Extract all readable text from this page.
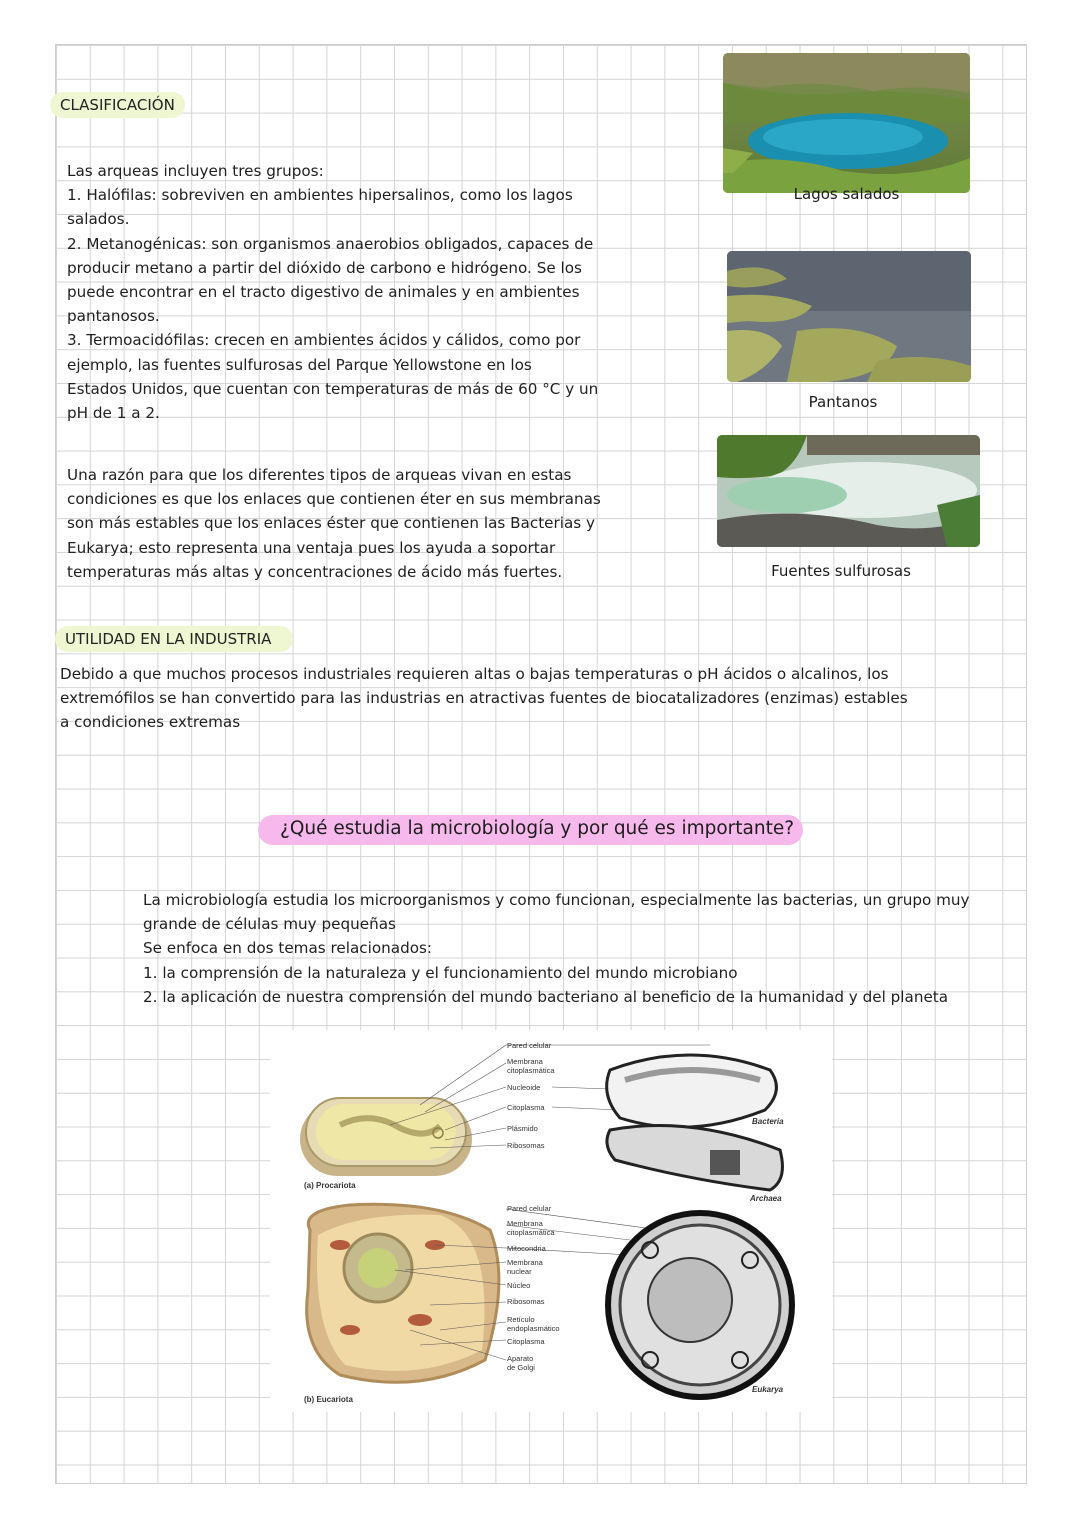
CLASIFICACIÓN

Las arqueas incluyen tres grupos:

1. Halófilas: sobreviven en ambientes hipersalinos, como los lagos

salados.

2. Metanogénicas: son organismos anaerobios obligados, capaces de

producir metano a partir del dióxido de carbono e hidrógeno. Se los

puede encontrar en el tracto digestivo de animales y en ambientes

pantanosos.

3. Termoacidófilas: crecen en ambientes ácidos y cálidos, como por

ejemplo, las fuentes sulfurosas del Parque Yellowstone en los

Estados Unidos, que cuentan con temperaturas de más de 60 °C y un

pH de 1 a 2.

Una razón para que los diferentes tipos de arqueas vivan en estas

condiciones es que los enlaces que contienen éter en sus membranas

son más estables que los enlaces éster que contienen las Bacterias y

Eukarya; esto representa una ventaja pues los ayuda a soportar

temperaturas más altas y concentraciones de ácido más fuertes.

Lagos salados
Pantanos
Fuentes sulfurosas
UTILIDAD EN LA INDUSTRIA

Debido a que muchos procesos industriales requieren altas o bajas temperaturas o pH ácidos o alcalinos, los

extremófilos se han convertido para las industrias en atractivas fuentes de biocatalizadores (enzimas) estables

a condiciones extremas

¿Qué estudia la microbiología y por qué es importante?

La microbiología estudia los microorganismos y como funcionan, especialmente las bacterias, un grupo muy

grande de células muy pequeñas

Se enfoca en dos temas relacionados:

1. la comprensión de la naturaleza y el funcionamiento del mundo microbiano

2. la aplicación de nuestra comprensión del mundo bacteriano al beneficio de la humanidad y del planeta

(a) Procariota
Pared celular
Membrana
citoplasmática
Nucleoide
Citoplasma
Plásmido
Ribosomas
Bacteria
Archaea
(b) Eucariota
Pared celular
Membrana
citoplasmática
Mitocondria
Membrana
nuclear
Núcleo
Ribosomas
Retículo
endoplasmático
Citoplasma
Aparato
de Golgi
Eukarya
